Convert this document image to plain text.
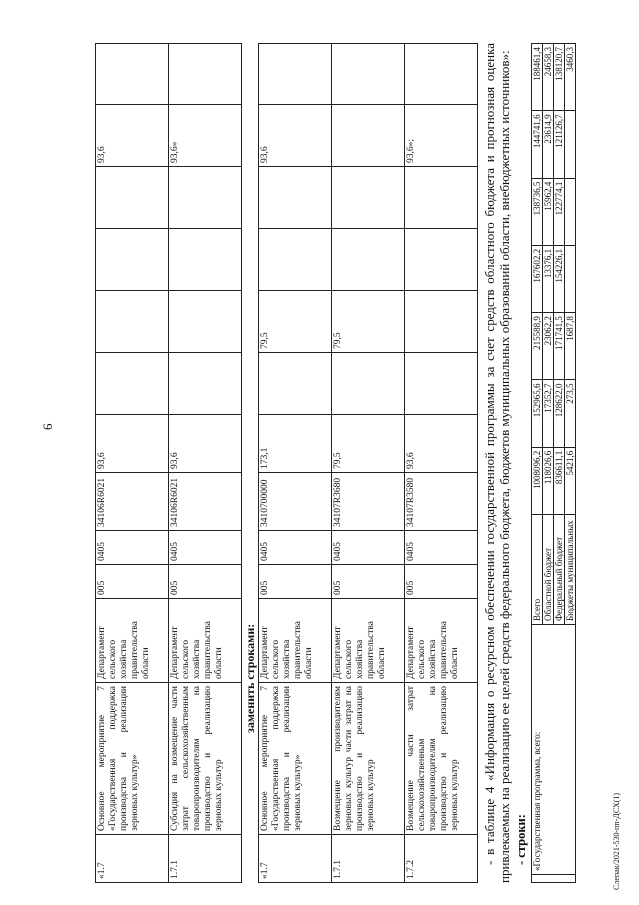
6
Слепак/2021-530-пп-ДСХ(1)
«1.7	Основное мероприятие 7 «Государственная поддержка производства и реализации зерновых культур»	Департамент сельского хозяйства правительства области	005	0405	34106R6021	93,6					93,6	
1.7.1	Субсидия на возмещение части затрат сельскохозяйственным товаропроизводителям на производство и реализацию зерновых культур	Департамент сельского хозяйства правительства области	005	0405	34106R6021	93,6					93,6»	
заменить строками:
«1.7	Основное мероприятие 7 «Государственная поддержка производства и реализации зерновых культур»	Департамент сельского хозяйства правительства области	005	0405	3410700000	173,1		79,5			93,6	
1.7.1	Возмещение производителям зерновых культур части затрат на производство и реализацию зерновых культур	Департамент сельского хозяйства правительства области	005	0405	34107R3680	79,5		79,5				
1.7.2	Возмещение части затрат сельскохозяйственным товаропроизводителям на производство и реализацию зерновых культур	Департамент сельского хозяйства правительства области	005	0405	34107R3580	93,6					93,6»;		- в таблице 4 «Информация о ресурсном обеспечении государственной программы за счет средств областного бюджета и прогнозная оценка привлекаемых на реализацию ее целей средств федерального бюджета, бюджетов муниципальных образований области, внебюджетных источников»: - строки:
	«Государственная программа, всего:	Всего	1008096,2	152965,6	215588,9	167602,2	138736,5	144741,6	188461,4
		Областной бюджет	118026,6	17352,7	23062,2	13376,1	15962,4	23614,9	24658,3
		Федеральный бюджет	836611,1	128622,0	171741,5	154226,1	122774,1	121126,7	138120,7
		Бюджеты муниципальных	5421,6	273,5	1687,8				3460,3
